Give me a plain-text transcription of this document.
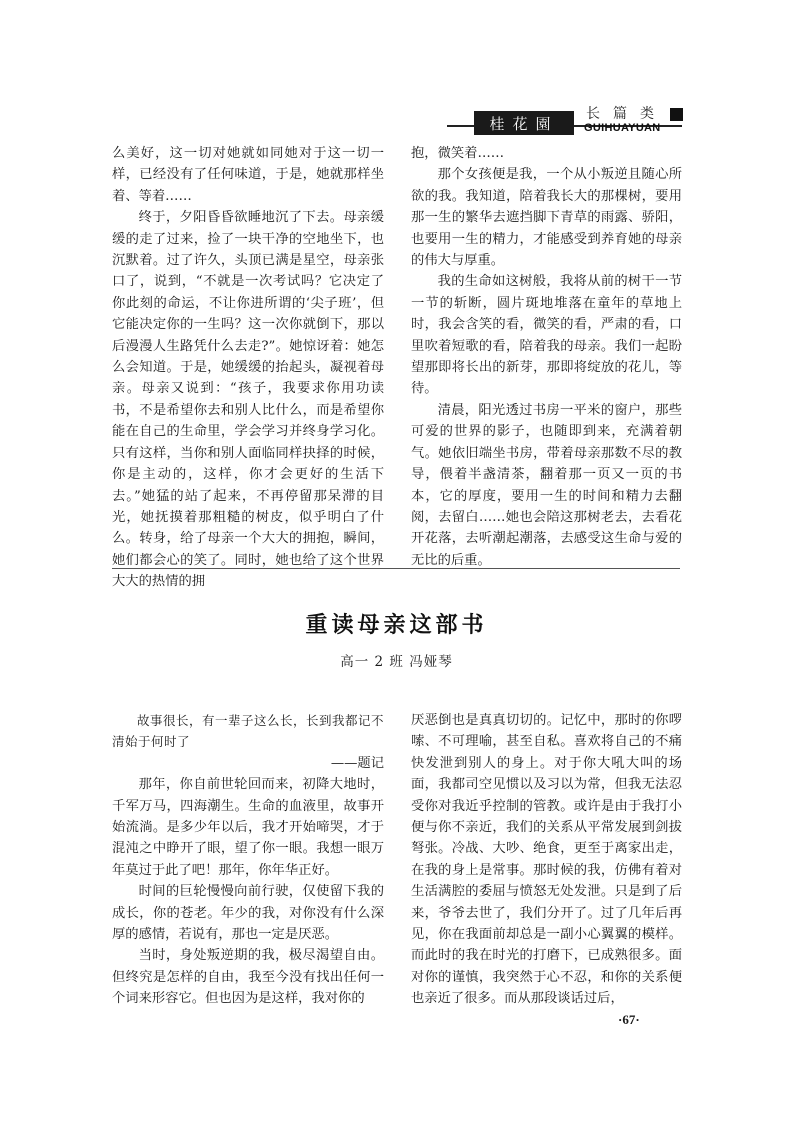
桂花園
长篇类
GUIHUAYUAN

么美好，这一切对她就如同她对于这一切一样，已经没有了任何味道，于是，她就那样坐着、等着……

终于，夕阳昏昏欲睡地沉了下去。母亲缓缓的走了过来，捡了一块干净的空地坐下，也沉默着。过了许久，头顶已满是星空，母亲张口了，说到，“不就是一次考试吗？它决定了你此刻的命运，不让你进所谓的‘尖子班’，但它能决定你的一生吗？这一次你就倒下，那以后漫漫人生路凭什么去走?”。她惊讶着：她怎么会知道。于是，她缓缓的抬起头，凝视着母亲。母亲又说到：“孩子，我要求你用功读书，不是希望你去和别人比什么，而是希望你能在自己的生命里，学会学习并终身学习化。只有这样，当你和别人面临同样抉择的时候，你是主动的，这样，你才会更好的生活下去。”她猛的站了起来，不再停留那呆滞的目光，她抚摸着那粗糙的树皮，似乎明白了什么。转身，给了母亲一个大大的拥抱，瞬间，她们都会心的笑了。同时，她也给了这个世界大大的热情的拥

抱，微笑着……

那个女孩便是我，一个从小叛逆且随心所欲的我。我知道，陪着我长大的那棵树，要用那一生的繁华去遮挡脚下青草的雨露、骄阳，也要用一生的精力，才能感受到养育她的母亲的伟大与厚重。

我的生命如这树般，我将从前的树干一节一节的斩断，圆片斑地堆落在童年的草地上时，我会含笑的看，微笑的看，严肃的看，口里吹着短歌的看，陪着我的母亲。我们一起盼望那即将长出的新芽，那即将绽放的花儿，等待。

清晨，阳光透过书房一平米的窗户，那些可爱的世界的影子，也随即到来，充满着朝气。她依旧端坐书房，带着母亲那数不尽的教导，偎着半盏清茶，翻着那一页又一页的书本，它的厚度，要用一生的时间和精力去翻阅，去留白……她也会陪这那树老去，去看花开花落，去听潮起潮落，去感受这生命与爱的无比的后重。

重读母亲这部书
高一 2 班 冯娅琴

故事很长，有一辈子这么长，长到我都记不清始于何时了

——题记

那年，你自前世轮回而来，初降大地时，千军万马，四海潮生。生命的血液里，故事开始流淌。是多少年以后，我才开始啼哭，才于混沌之中睁开了眼，望了你一眼。我想一眼万年莫过于此了吧！那年，你年华正好。

时间的巨轮慢慢向前行驶，仅使留下我的成长，你的苍老。年少的我，对你没有什么深厚的感情，若说有，那也一定是厌恶。

当时，身处叛逆期的我，极尽渴望自由。但终究是怎样的自由，我至今没有找出任何一个词来形容它。但也因为是这样，我对你的

厌恶倒也是真真切切的。记忆中，那时的你啰嗦、不可理喻，甚至自私。喜欢将自己的不痛快发泄到别人的身上。对于你大吼大叫的场面，我都司空见惯以及习以为常，但我无法忍受你对我近乎控制的管教。或许是由于我打小便与你不亲近，我们的关系从平常发展到剑拔弩张。冷战、大吵、绝食，更至于离家出走，在我的身上是常事。那时候的我，仿佛有着对生活满腔的委屈与愤怒无处发泄。只是到了后来，爷爷去世了，我们分开了。过了几年后再见，你在我面前却总是一副小心翼翼的模样。而此时的我在时光的打磨下，已成熟很多。面对你的谨慎，我突然于心不忍，和你的关系便也亲近了很多。而从那段谈话过后，

·67·
